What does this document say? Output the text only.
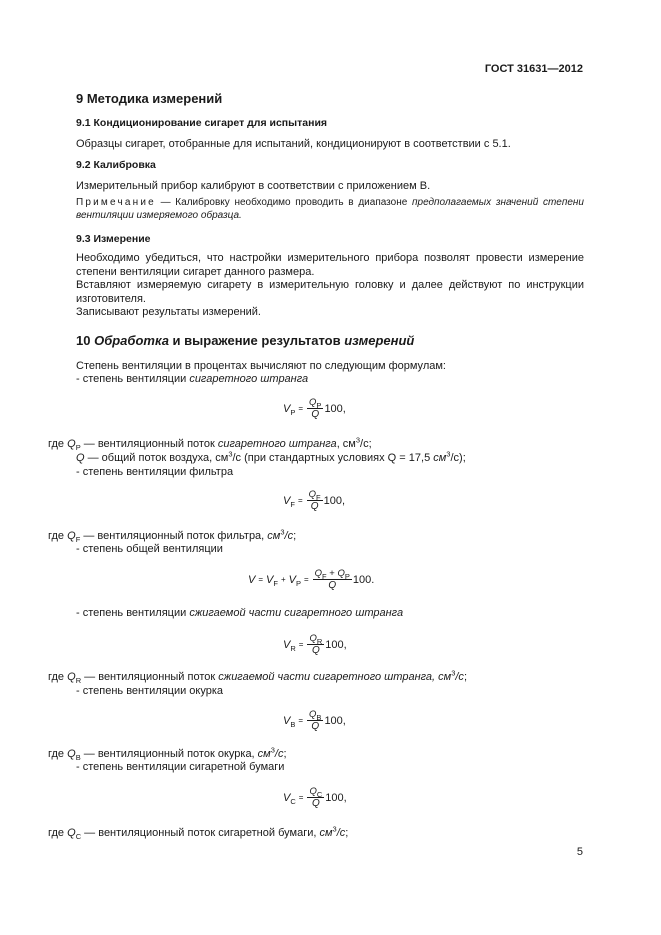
ГОСТ 31631—2012
9 Методика измерений
9.1 Кондиционирование сигарет для испытания
Образцы сигарет, отобранные для испытаний, кондиционируют в соответствии с 5.1.
9.2 Калибровка
Измерительный прибор калибруют в соответствии с приложением В.
Примечание — Калибровку необходимо проводить в диапазоне предполагаемых значений степени вентиляции измеряемого образца.
9.3 Измерение
Необходимо убедиться, что настройки измерительного прибора позволят провести измерение степени вентиляции сигарет данного размера.
Вставляют измеряемую сигарету в измерительную головку и далее действуют по инструкции изготовителя.
Записывают результаты измерений.
10 Обработка и выражение результатов измерений
Степень вентиляции в процентах вычисляют по следующим формулам:
- степень вентиляции сигаретного штранга
$V_P = \frac{Q_P}{Q} 100$,
где $Q_P$ — вентиляционный поток сигаретного штранга, $см^3/с$;
Q — общий поток воздуха, $см^3/с$ (при стандартных условиях Q = 17,5 $см^3/с$);
- степень вентиляции фильтра
$V_F = \frac{Q_F}{Q} 100$,
где $Q_F$ — вентиляционный поток фильтра, $см^3/с$;
- степень общей вентиляции
$V = V_F + V_P = \frac{Q_F + Q_P}{Q} 100$.
- степень вентиляции сжигаемой части сигаретного штранга
$V_R = \frac{Q_R}{Q} 100$,
где $Q_R$ — вентиляционный поток сжигаемой части сигаретного штранга, $см^3/с$;
- степень вентиляции окурка
$V_B = \frac{Q_B}{Q} 100$,
где $Q_B$ — вентиляционный поток окурка, $см^3/с$;
- степень вентиляции сигаретной бумаги
$V_C = \frac{Q_C}{Q} 100$,
где $Q_C$ — вентиляционный поток сигаретной бумаги, $см^3/с$;
5
